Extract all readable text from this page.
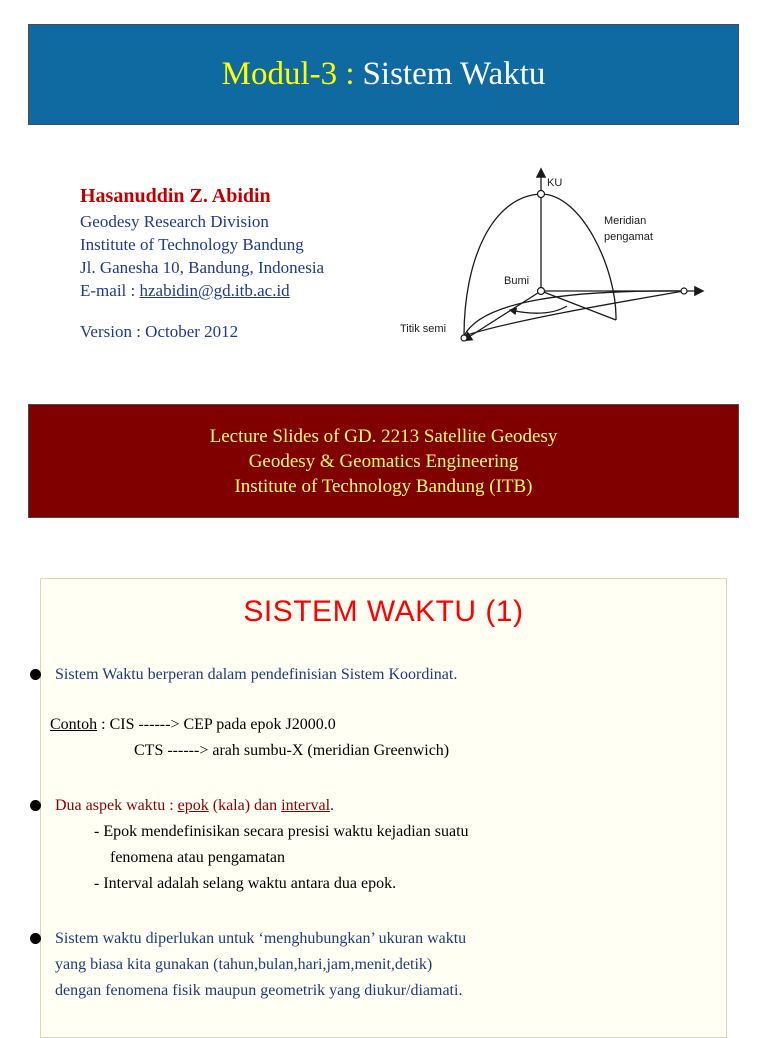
Modul-3 : Sistem Waktu
Hasanuddin Z. Abidin
Geodesy Research Division
Institute of Technology Bandung
Jl. Ganesha 10, Bandung, Indonesia
E-mail : hzabidin@gd.itb.ac.id
Version : October 2012
KU
Meridian
pengamat
Bumi
Titik semi
Lecture Slides of GD. 2213 Satellite Geodesy
Geodesy & Geomatics Engineering
Institute of Technology Bandung (ITB)
SISTEM WAKTU (1)
Sistem Waktu berperan dalam pendefinisian Sistem Koordinat.
Contoh : CIS ------> CEP pada epok J2000.0
CTS ------> arah sumbu-X (meridian Greenwich)
Dua aspek waktu : epok (kala) dan interval.
- Epok mendefinisikan secara presisi waktu kejadian suatu
fenomena atau pengamatan
- Interval adalah selang waktu antara dua epok.
Sistem waktu diperlukan untuk ‘menghubungkan’ ukuran waktu
yang biasa kita gunakan (tahun,bulan,hari,jam,menit,detik)
dengan fenomena fisik maupun geometrik yang diukur/diamati.
